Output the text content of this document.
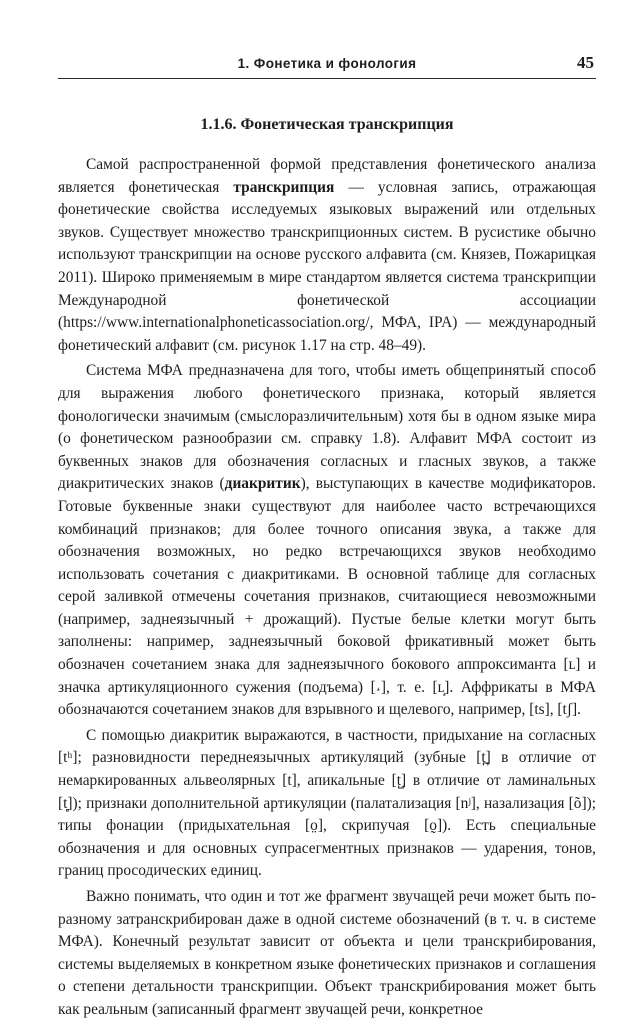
1. Фонетика и фонология	45
1.1.6. Фонетическая транскрипция

Самой распространенной формой представления фонетического анализа является фонетическая транскрипция — условная запись, отражающая фонетические свойства исследуемых языковых выражений или отдельных звуков. Существует множество транскрипционных систем. В русистике обычно используют транскрипции на основе русского алфавита (см. Князев, Пожарицкая 2011). Широко применяемым в мире стандартом является система транскрипции Международной фонетической ассоциации (https://www.internationalphoneticassociation.org/, МФА, IPA) — международный фонетический алфавит (см. рисунок 1.17 на стр. 48–49).

Система МФА предназначена для того, чтобы иметь общепринятый способ для выражения любого фонетического признака, который является фонологически значимым (смыслоразличительным) хотя бы в одном языке мира (о фонетическом разнообразии см. справку 1.8). Алфавит МФА состоит из буквенных знаков для обозначения согласных и гласных звуков, а также диакритических знаков (диакритик), выступающих в качестве модификаторов. Готовые буквенные знаки существуют для наиболее часто встречающихся комбинаций признаков; для более точного описания звука, а также для обозначения возможных, но редко встречающихся звуков необходимо использовать сочетания с диакритиками. В основной таблице для согласных серой заливкой отмечены сочетания признаков, считающиеся невозможными (например, заднеязычный + дрожащий). Пустые белые клетки могут быть заполнены: например, заднеязычный боковой фрикативный может быть обозначен сочетанием знака для заднеязычного бокового аппроксиманта [ʟ] и значка артикуляционного сужения (подъема) [˔], т. е. [ʟ̝]. Аффрикаты в МФА обозначаются сочетанием знаков для взрывного и щелевого, например, [ts], [tʃ].

С помощью диакритик выражаются, в частности, придыхание на согласных [tʰ]; разновидности переднеязычных артикуляций (зубные [t̪] в отличие от немаркированных альвеолярных [t], апикальные [t̺] в отличие от ламинальных [t̻]); признаки дополнительной артикуляции (палатализация [nʲ], назализация [õ]); типы фонации (придыхательная [o̤], скрипучая [o̰]). Есть специальные обозначения и для основных супрасегментных признаков — ударения, тонов, границ просодических единиц.

Важно понимать, что один и тот же фрагмент звучащей речи может быть по-разному затранскрибирован даже в одной системе обозначений (в т. ч. в системе МФА). Конечный результат зависит от объекта и цели транскрибирования, системы выделяемых в конкретном языке фонетических признаков и соглашения о степени детальности транскрипции. Объект транскрибирования может быть как реальным (записанный фрагмент звучащей речи, конкретное
